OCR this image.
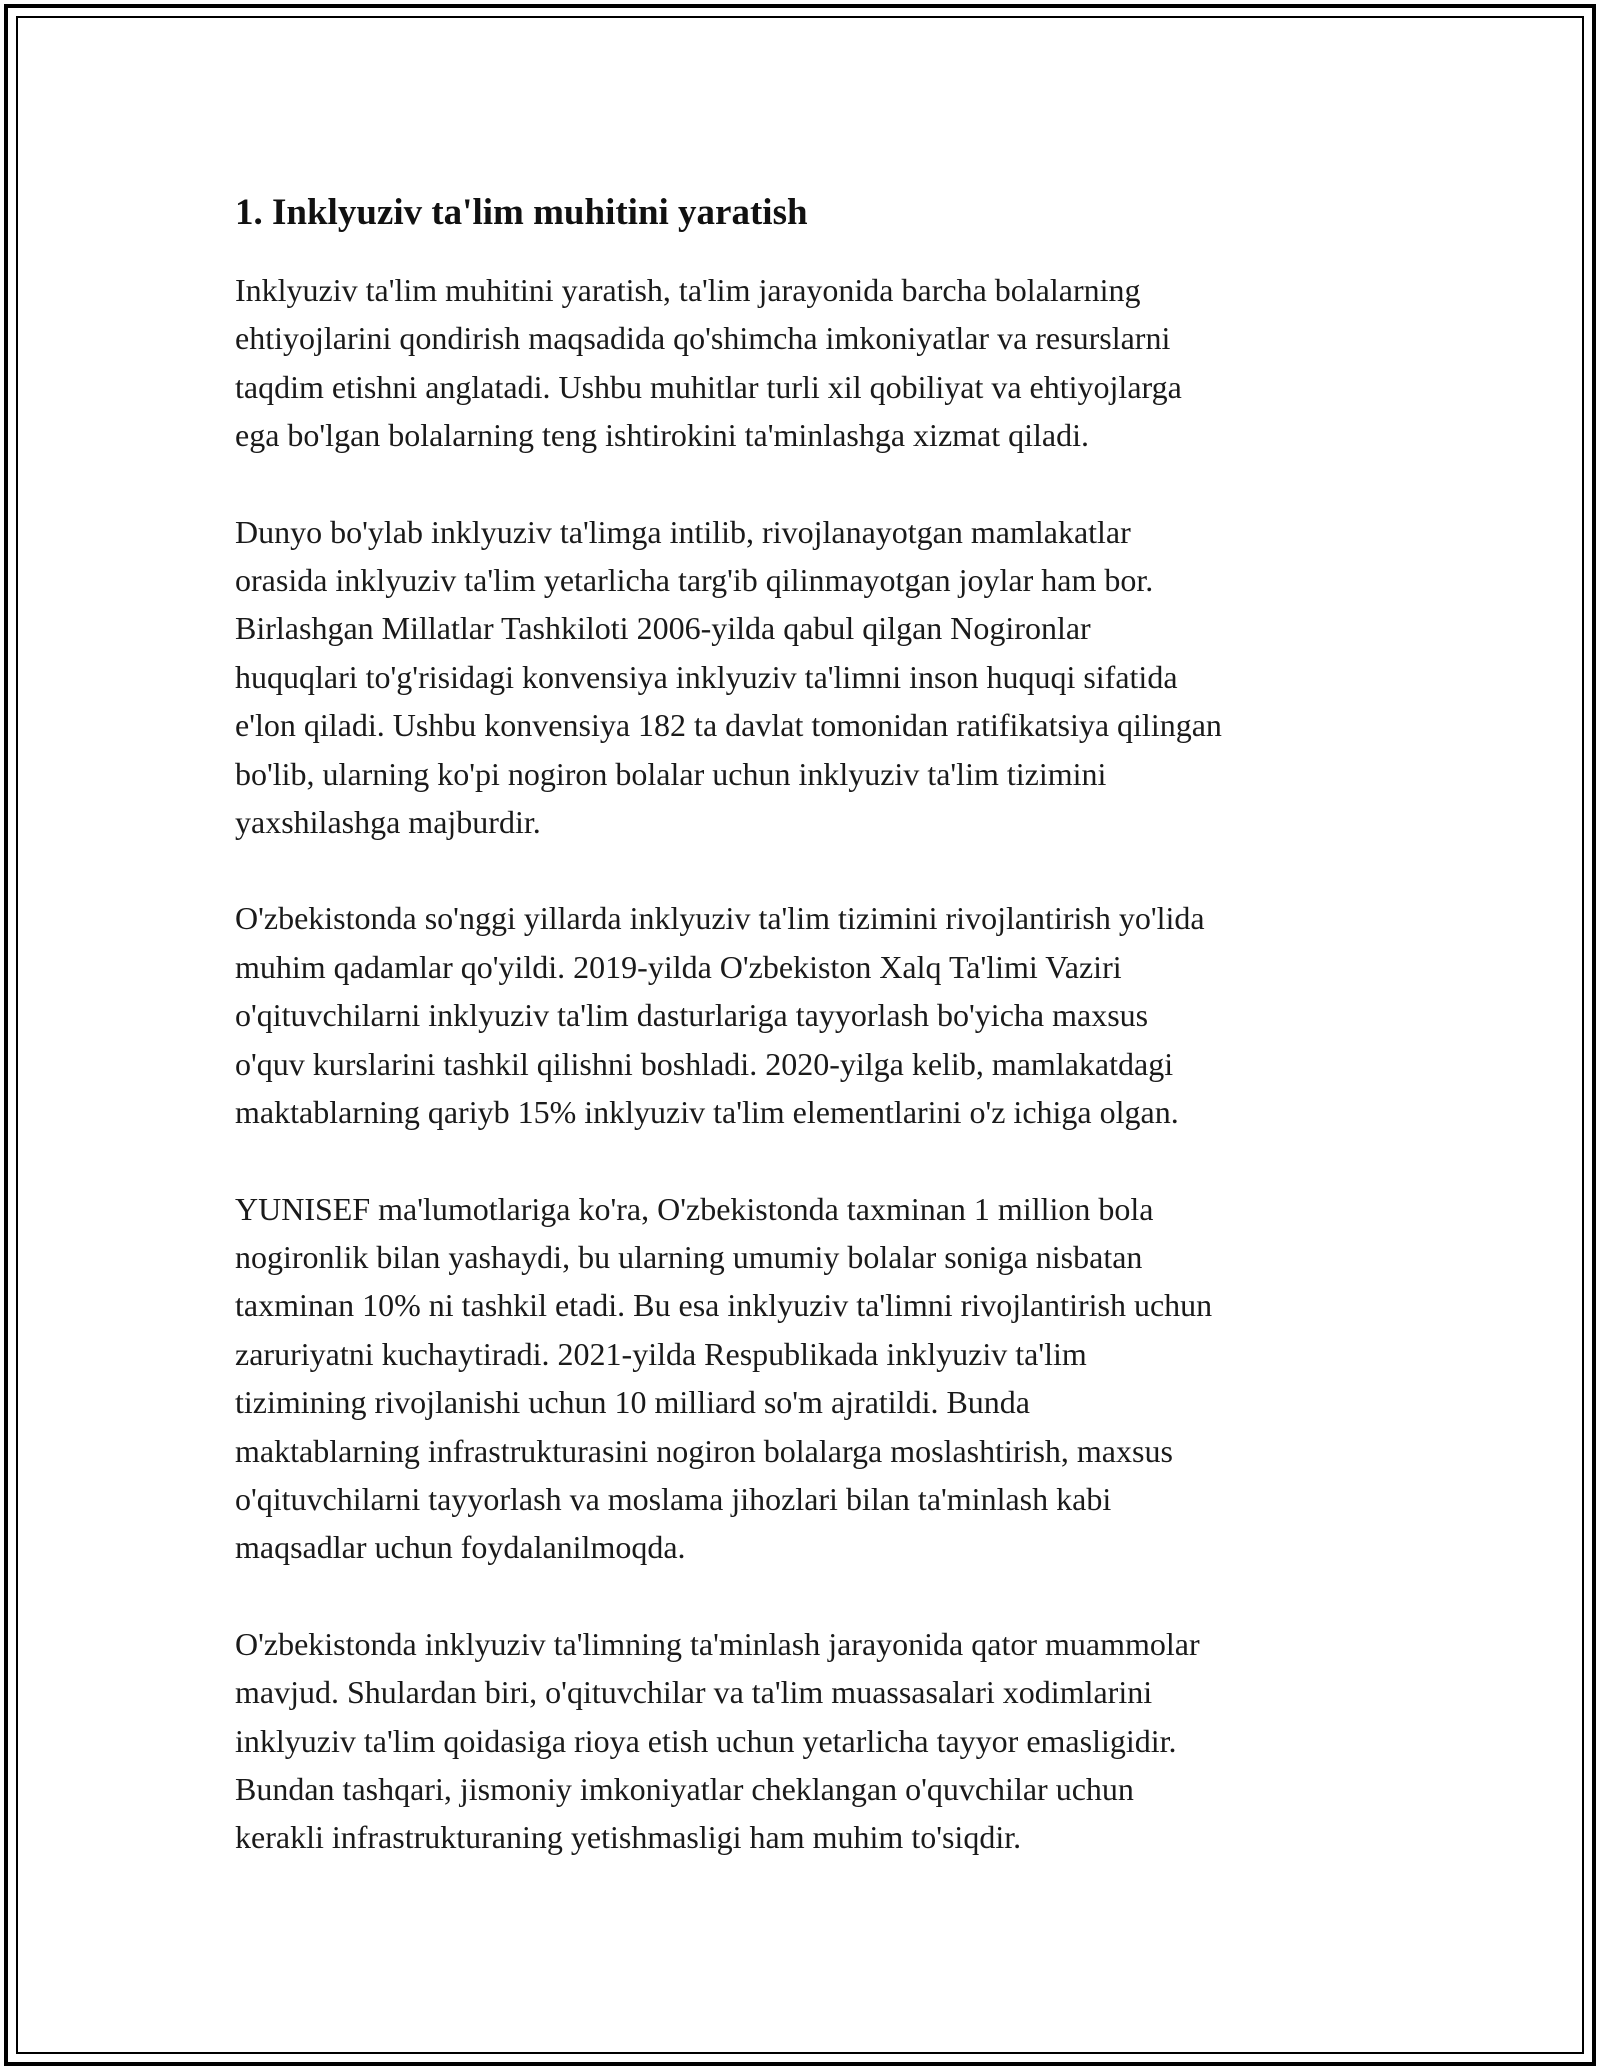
1. Inklyuziv ta'lim muhitini yaratish

Inklyuziv ta'lim muhitini yaratish, ta'lim jarayonida barcha bolalarning
ehtiyojlarini qondirish maqsadida qo'shimcha imkoniyatlar va resurslarni
taqdim etishni anglatadi. Ushbu muhitlar turli xil qobiliyat va ehtiyojlarga
ega bo'lgan bolalarning teng ishtirokini ta'minlashga xizmat qiladi.

Dunyo bo'ylab inklyuziv ta'limga intilib, rivojlanayotgan mamlakatlar
orasida inklyuziv ta'lim yetarlicha targ'ib qilinmayotgan joylar ham bor.
Birlashgan Millatlar Tashkiloti 2006-yilda qabul qilgan Nogironlar
huquqlari to'g'risidagi konvensiya inklyuziv ta'limni inson huquqi sifatida
e'lon qiladi. Ushbu konvensiya 182 ta davlat tomonidan ratifikatsiya qilingan
bo'lib, ularning ko'pi nogiron bolalar uchun inklyuziv ta'lim tizimini
yaxshilashga majburdir.

O'zbekistonda so'nggi yillarda inklyuziv ta'lim tizimini rivojlantirish yo'lida
muhim qadamlar qo'yildi. 2019-yilda O'zbekiston Xalq Ta'limi Vaziri
o'qituvchilarni inklyuziv ta'lim dasturlariga tayyorlash bo'yicha maxsus
o'quv kurslarini tashkil qilishni boshladi. 2020-yilga kelib, mamlakatdagi
maktablarning qariyb 15% inklyuziv ta'lim elementlarini o'z ichiga olgan.

YUNISEF ma'lumotlariga ko'ra, O'zbekistonda taxminan 1 million bola
nogironlik bilan yashaydi, bu ularning umumiy bolalar soniga nisbatan
taxminan 10% ni tashkil etadi. Bu esa inklyuziv ta'limni rivojlantirish uchun
zaruriyatni kuchaytiradi. 2021-yilda Respublikada inklyuziv ta'lim
tizimining rivojlanishi uchun 10 milliard so'm ajratildi. Bunda
maktablarning infrastrukturasini nogiron bolalarga moslashtirish, maxsus
o'qituvchilarni tayyorlash va moslama jihozlari bilan ta'minlash kabi
maqsadlar uchun foydalanilmoqda.

O'zbekistonda inklyuziv ta'limning ta'minlash jarayonida qator muammolar
mavjud. Shulardan biri, o'qituvchilar va ta'lim muassasalari xodimlarini
inklyuziv ta'lim qoidasiga rioya etish uchun yetarlicha tayyor emasligidir.
Bundan tashqari, jismoniy imkoniyatlar cheklangan o'quvchilar uchun
kerakli infrastrukturaning yetishmasligi ham muhim to'siqdir.
